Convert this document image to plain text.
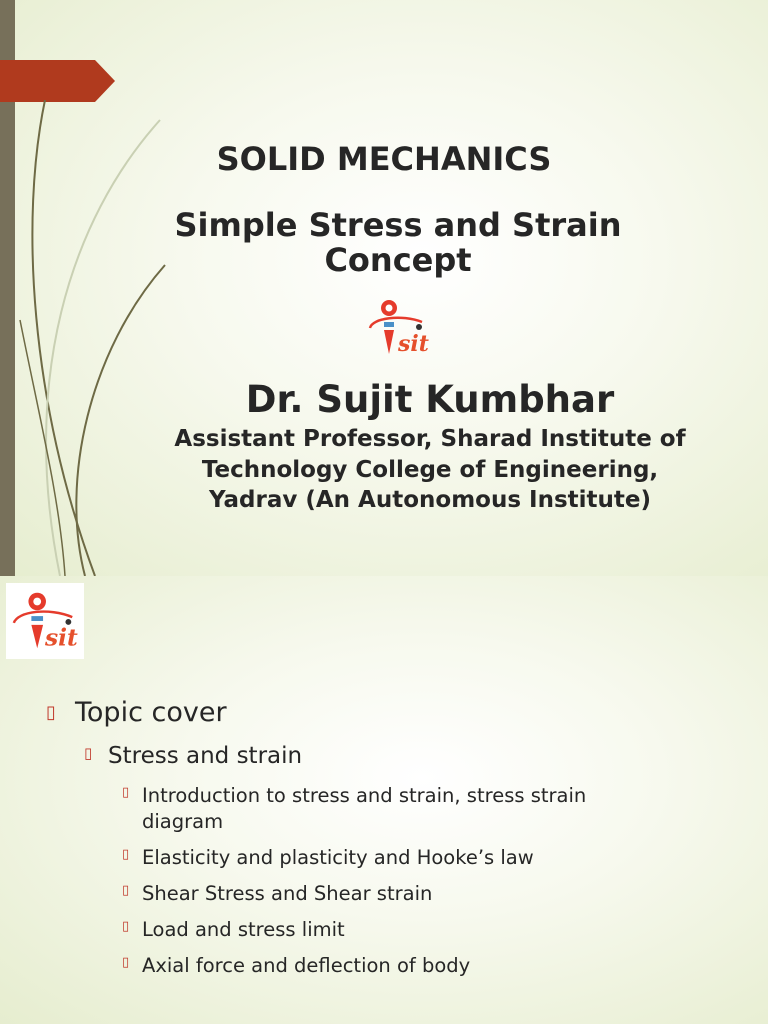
SOLID MECHANICS
Simple Stress and Strain Concept
sit
Dr. Sujit Kumbhar
Assistant Professor, Sharad Institute of Technology College of Engineering, Yadrav (An Autonomous Institute)
sit
▯ Topic cover
▯ Stress and strain
▯ Introduction to stress and strain, stress strain diagram
▯ Elasticity and plasticity and Hooke’s law
▯ Shear Stress and Shear strain
▯ Load and stress limit
▯ Axial force and deflection of body
